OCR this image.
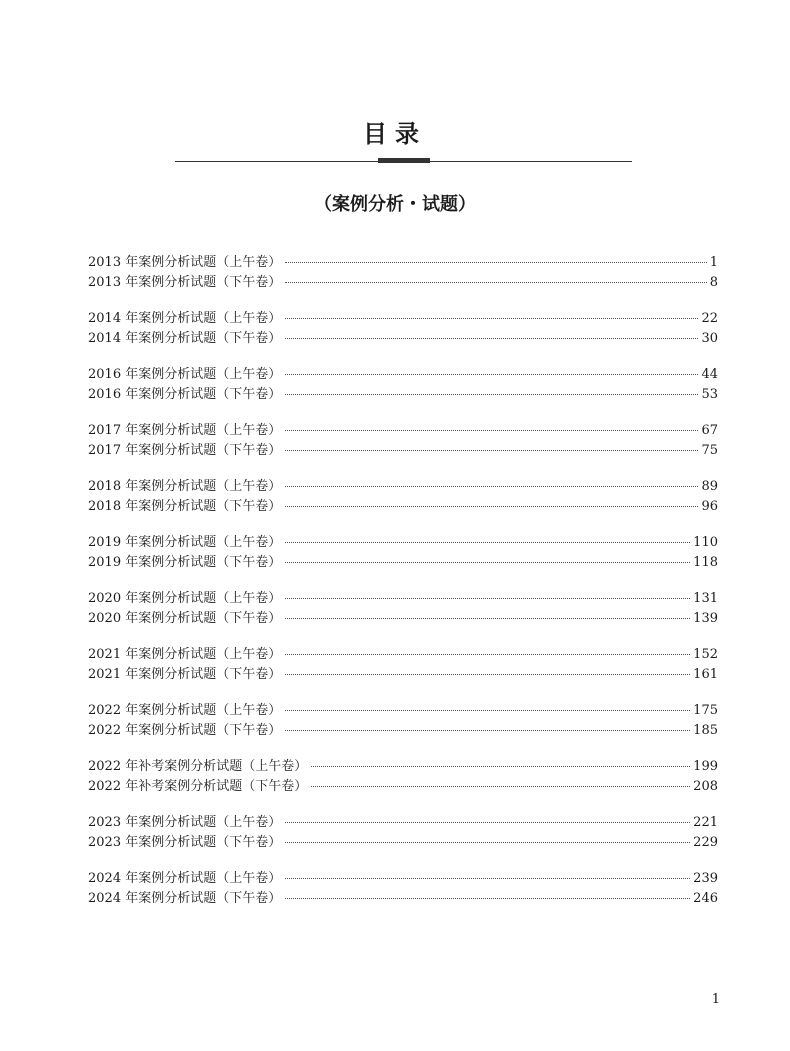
目录
（案例分析・试题）
2013 年案例分析试题（上午卷）	1
2013 年案例分析试题（下午卷）	8
2014 年案例分析试题（上午卷）	22
2014 年案例分析试题（下午卷）	30
2016 年案例分析试题（上午卷）	44
2016 年案例分析试题（下午卷）	53
2017 年案例分析试题（上午卷）	67
2017 年案例分析试题（下午卷）	75
2018 年案例分析试题（上午卷）	89
2018 年案例分析试题（下午卷）	96
2019 年案例分析试题（上午卷）	110
2019 年案例分析试题（下午卷）	118
2020 年案例分析试题（上午卷）	131
2020 年案例分析试题（下午卷）	139
2021 年案例分析试题（上午卷）	152
2021 年案例分析试题（下午卷）	161
2022 年案例分析试题（上午卷）	175
2022 年案例分析试题（下午卷）	185
2022 年补考案例分析试题（上午卷）	199
2022 年补考案例分析试题（下午卷）	208
2023 年案例分析试题（上午卷）	221
2023 年案例分析试题（下午卷）	229
2024 年案例分析试题（上午卷）	239
2024 年案例分析试题（下午卷）	246
1
